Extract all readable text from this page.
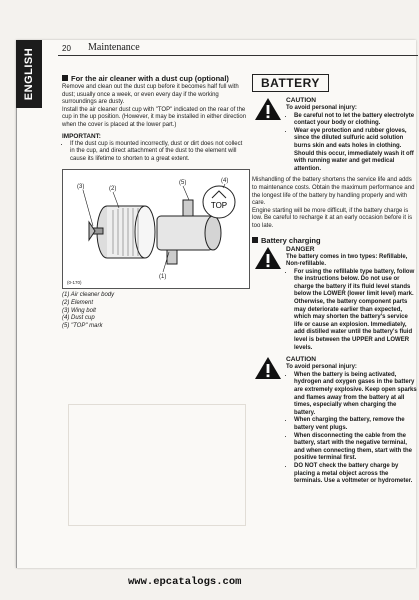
ENGLISH	20 Maintenance
For the air cleaner with a dust cup (optional)

Remove and clean out the dust cup before it becomes half full with dust; usually once a week, or even every day if the working surroundings are dusty.

Install the air cleaner dust cup with "TOP" indicated on the rear of the cup in the up position. (However, it may be installed in either direction when the cover is placed at the lower part.)

IMPORTANT:
• If the dust cup is mounted incorrectly, dust or dirt does not collect in the cup, and direct attachment of the dust to the element will cause its lifetime to shorten to a great extent.
TOP
(3)	(2)
(5)	(4)
(1)
(0-170)

(1) Air cleaner body

(2) Element

(3) Wing bolt

(4) Dust cup

(5) "TOP" mark

BATTERY
CAUTION

To avoid personal injury:

• Be careful not to let the battery electrolyte contact your body or clothing.
• Wear eye protection and rubber gloves, since the diluted sulfuric acid solution burns skin and eats holes in clothing. Should this occur, immediately wash it off with running water and get medical attention.

Mishandling of the battery shortens the service life and adds to maintenance costs. Obtain the maximum performance and the longest life of the battery by handling properly and with care.

Engine starting will be more difficult, if the battery charge is low. Be careful to recharge it at an early occasion before it is too late.

Battery charging
DANGER

The battery comes in two types: Refillable, Non-refillable.

• For using the refillable type battery, follow the instructions below. Do not use or charge the battery if its fluid level stands below the LOWER (lower limit level) mark. Otherwise, the battery component parts may deteriorate earlier than expected, which may shorten the battery's service life or cause an explosion. Immediately, add distilled water until the battery's fluid level is between the UPPER and LOWER levels.
CAUTION

To avoid personal injury:

• When the battery is being activated, hydrogen and oxygen gases in the battery are extremely explosive. Keep open sparks and flames away from the battery at all times, especially when charging the battery.
• When charging the battery, remove the battery vent plugs.
• When disconnecting the cable from the battery, start with the negative terminal, and when connecting them, start with the positive terminal first.
• DO NOT check the battery charge by placing a metal object across the terminals. Use a voltmeter or hydrometer.
www.epcatalogs.com
